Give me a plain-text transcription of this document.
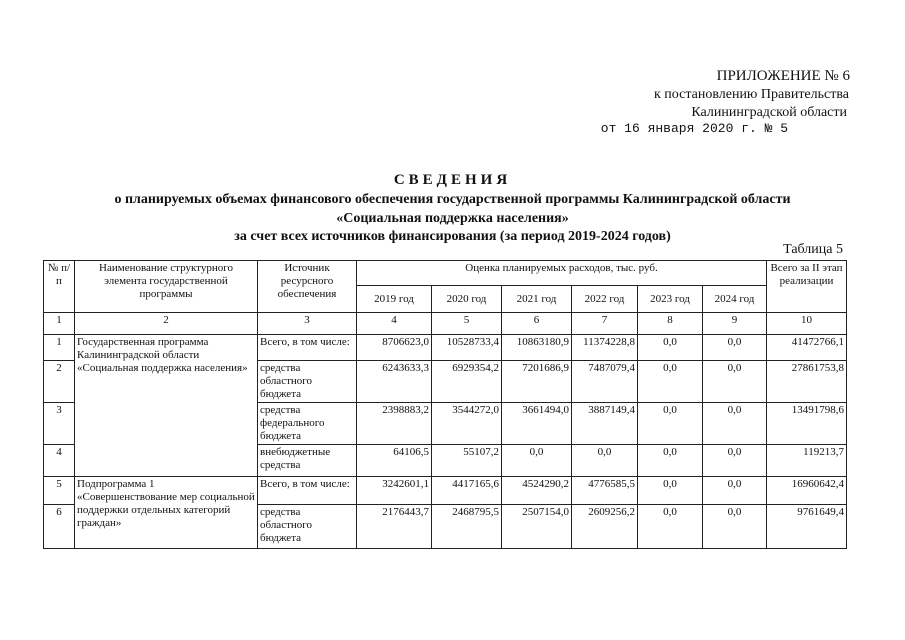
ПРИЛОЖЕНИЕ № 6
к постановлению Правительства
Калининградской области
от 16 января 2020 г. № 5
СВЕДЕНИЯ
о планируемых объемах финансового обеспечения государственной программы Калининградской области
«Социальная поддержка населения»
за счет всех источников финансирования (за период 2019-2024 годов)
Таблица 5
№ п/п	Наименование структурного элемента государственной программы	Источник ресурсного обеспечения	Оценка планируемых расходов, тыс. руб.						Всего за II этап реализации
			2019 год	2020 год	2021 год	2022 год	2023 год	2024 год	
1	2	3	4	5	6	7	8	9	10
1	Государственная программа Калининградской области «Социальная поддержка населения»	Всего, в том числе:	8706623,0	10528733,4	10863180,9	11374228,8	0,0	0,0	41472766,1
2		средства областного бюджета	6243633,3	6929354,2	7201686,9	7487079,4	0,0	0,0	27861753,8
3		средства федерального бюджета	2398883,2	3544272,0	3661494,0	3887149,4	0,0	0,0	13491798,6
4		внебюджетные средства	64106,5	55107,2	0,0	0,0	0,0	0,0	119213,7
5	Подпрограмма 1 «Совершенствование мер социальной поддержки отдельных категорий граждан»	Всего, в том числе:	3242601,1	4417165,6	4524290,2	4776585,5	0,0	0,0	16960642,4
6		средства областного бюджета	2176443,7	2468795,5	2507154,0	2609256,2	0,0	0,0	9761649,4
